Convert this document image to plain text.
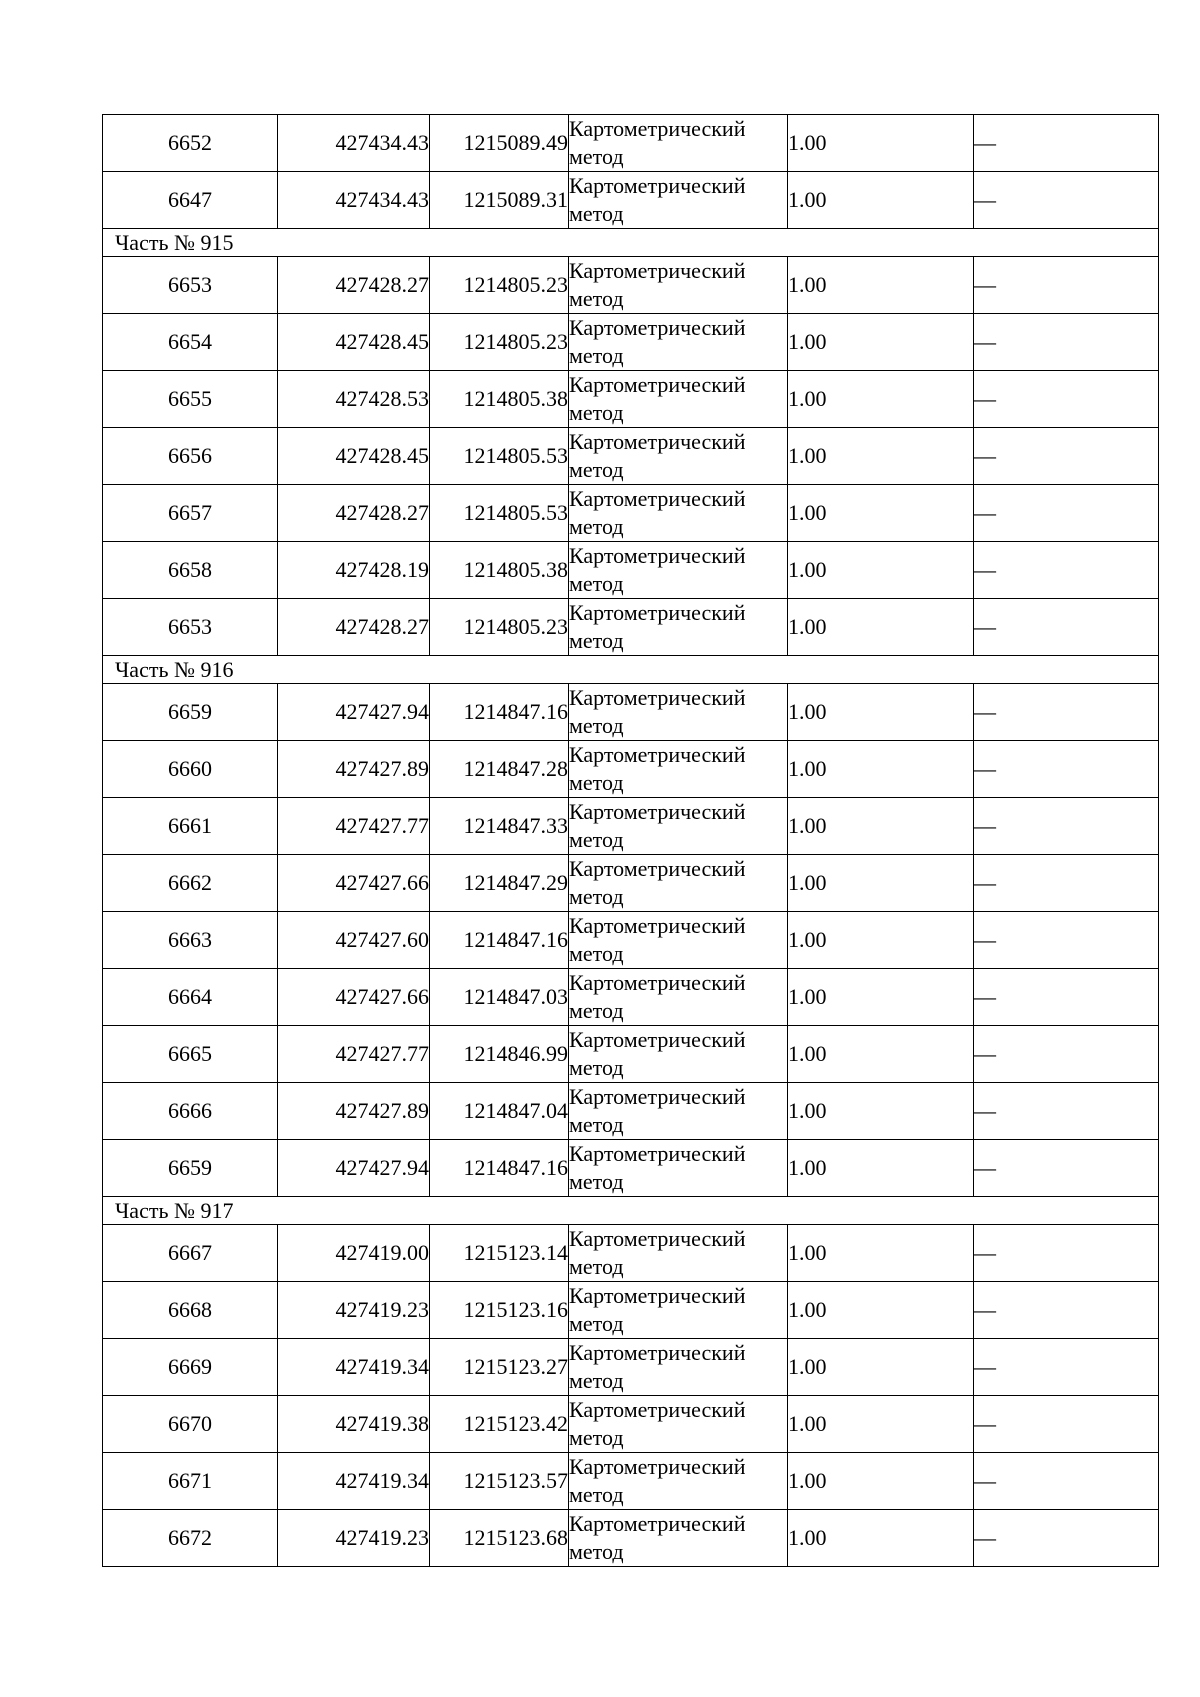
6652	427434.43	1215089.49	Картометрический
метод	1.00	—
6647	427434.43	1215089.31	Картометрический
метод	1.00	—
Часть № 915					
6653	427428.27	1214805.23	Картометрический
метод	1.00	—
6654	427428.45	1214805.23	Картометрический
метод	1.00	—
6655	427428.53	1214805.38	Картометрический
метод	1.00	—
6656	427428.45	1214805.53	Картометрический
метод	1.00	—
6657	427428.27	1214805.53	Картометрический
метод	1.00	—
6658	427428.19	1214805.38	Картометрический
метод	1.00	—
6653	427428.27	1214805.23	Картометрический
метод	1.00	—
Часть № 916					
6659	427427.94	1214847.16	Картометрический
метод	1.00	—
6660	427427.89	1214847.28	Картометрический
метод	1.00	—
6661	427427.77	1214847.33	Картометрический
метод	1.00	—
6662	427427.66	1214847.29	Картометрический
метод	1.00	—
6663	427427.60	1214847.16	Картометрический
метод	1.00	—
6664	427427.66	1214847.03	Картометрический
метод	1.00	—
6665	427427.77	1214846.99	Картометрический
метод	1.00	—
6666	427427.89	1214847.04	Картометрический
метод	1.00	—
6659	427427.94	1214847.16	Картометрический
метод	1.00	—
Часть № 917					
6667	427419.00	1215123.14	Картометрический
метод	1.00	—
6668	427419.23	1215123.16	Картометрический
метод	1.00	—
6669	427419.34	1215123.27	Картометрический
метод	1.00	—
6670	427419.38	1215123.42	Картометрический
метод	1.00	—
6671	427419.34	1215123.57	Картометрический
метод	1.00	—
6672	427419.23	1215123.68	Картометрический
метод	1.00	—
